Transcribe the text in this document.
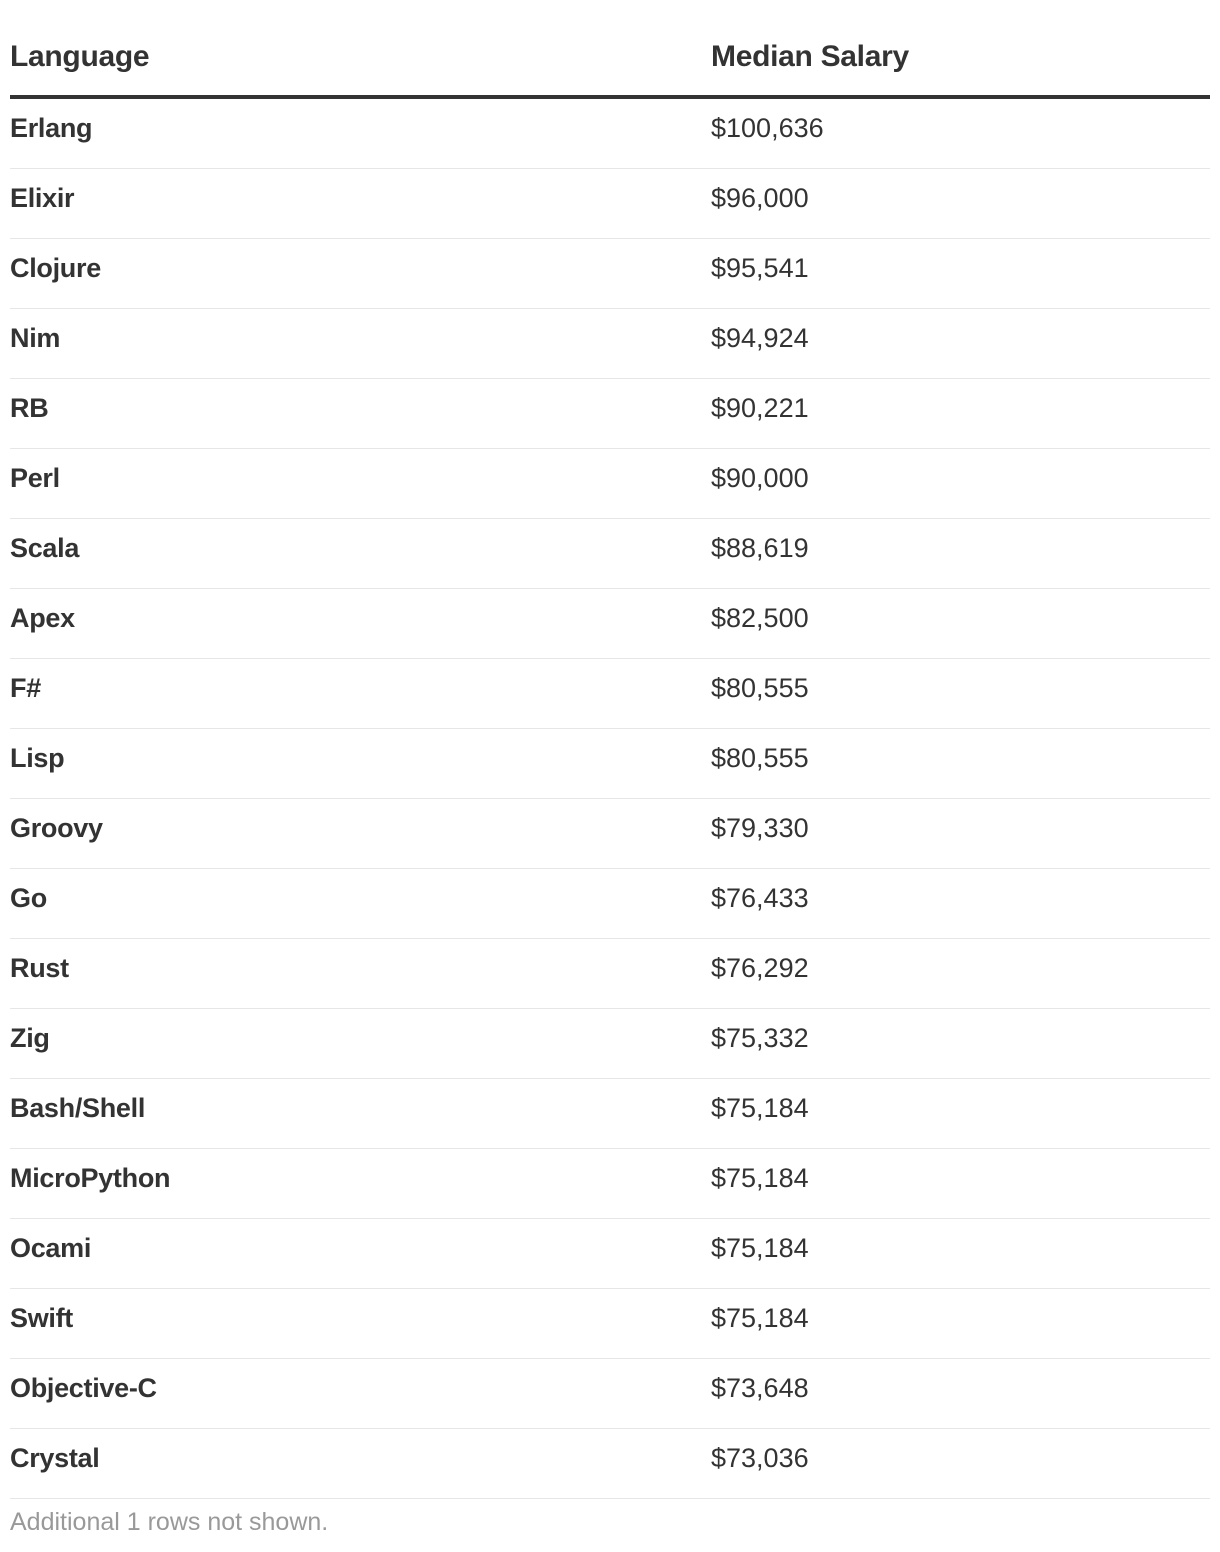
Language	Median Salary
Erlang	$100,636
Elixir	$96,000
Clojure	$95,541
Nim	$94,924
RB	$90,221
Perl	$90,000
Scala	$88,619
Apex	$82,500
F#	$80,555
Lisp	$80,555
Groovy	$79,330
Go	$76,433
Rust	$76,292
Zig	$75,332
Bash/Shell	$75,184
MicroPython	$75,184
Ocami	$75,184
Swift	$75,184
Objective-C	$73,648
Crystal	$73,036
Additional 1 rows not shown.
